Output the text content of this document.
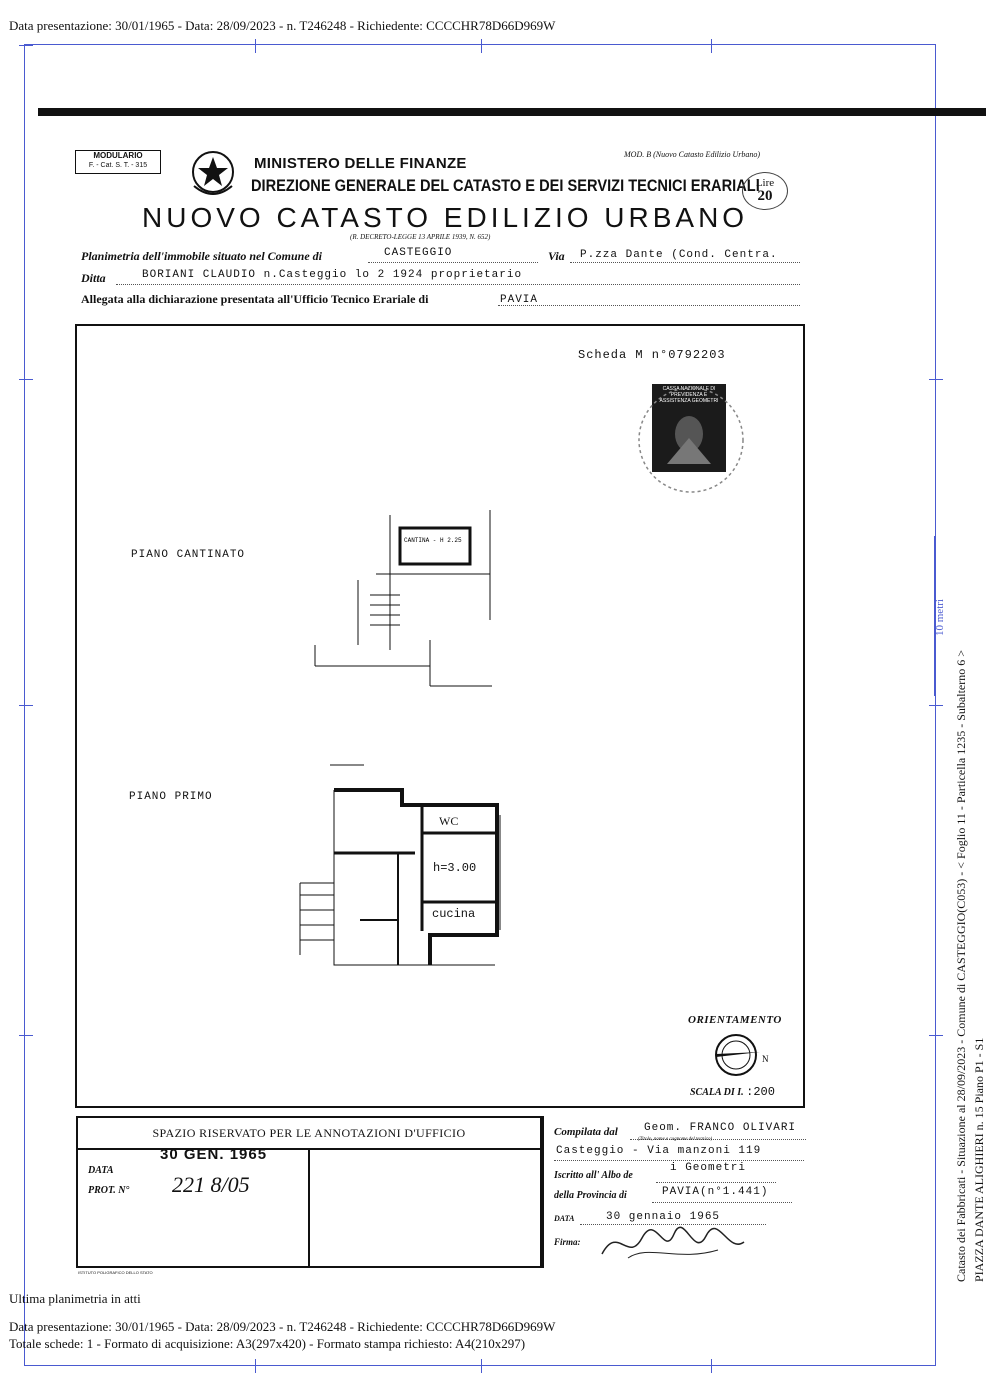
Data presentazione: 30/01/1965 - Data: 28/09/2023 - n. T246248 - Richiedente: CCCCHR78D66D969W
MODULARIO
F. - Cat. S. T. - 315	MINISTERO DELLE FINANZE
DIREZIONE GENERALE DEL CATASTO E DEI SERVIZI TECNICI ERARIALI
NUOVO CATASTO EDILIZIO URBANO
MOD. B (Nuovo Catasto Edilizio Urbano)
Lire
20
(R. DECRETO-LEGGE 13 APRILE 1939, N. 652)
Planimetria dell'immobile situato nel Comune di	CASTEGGIO	Via P.zza Dante (Cond. Centra.
Ditta	BORIANI CLAUDIO n.Casteggio lo 2 1924 proprietario
Allegata alla dichiarazione presentata all'Ufficio Tecnico Erariale di	PAVIA
Scheda M n°0792203
CASSA NAZIONALE DI PREVIDENZA E ASSISTENZA GEOMETRI
PIANO CANTINATO
CANTINA - H 2.25
PIANO PRIMO
WC
h=3.00
cucina
ORIENTAMENTO
N
SCALA DI I. :200
SPAZIO RISERVATO PER LE ANNOTAZIONI D'UFFICIO
DATA
30 GEN. 1965
PROT. N° 221 8/05
ISTITUTO POLIGRAFICO DELLO STATO
Compilata dal Geom. FRANCO OLIVARI
(Titolo, nome e cognome del tecnico)
Casteggio - Via manzoni 119
Iscritto all' Albo de
i Geometri
della Provincia di	PAVIA(n°1.441)
DATA	30 gennaio 1965
Firma:
10 metri
Catasto dei Fabbricati - Situazione al 28/09/2023 - Comune di CASTEGGIO(C053) - < Foglio 11 - Particella 1235 - Subalterno 6 > PIAZZA DANTE ALIGHIERI n. 15 Piano P1 - S1
Ultima planimetria in atti
Data presentazione: 30/01/1965 - Data: 28/09/2023 - n. T246248 - Richiedente: CCCCHR78D66D969W
Totale schede: 1 - Formato di acquisizione: A3(297x420) - Formato stampa richiesto: A4(210x297)
